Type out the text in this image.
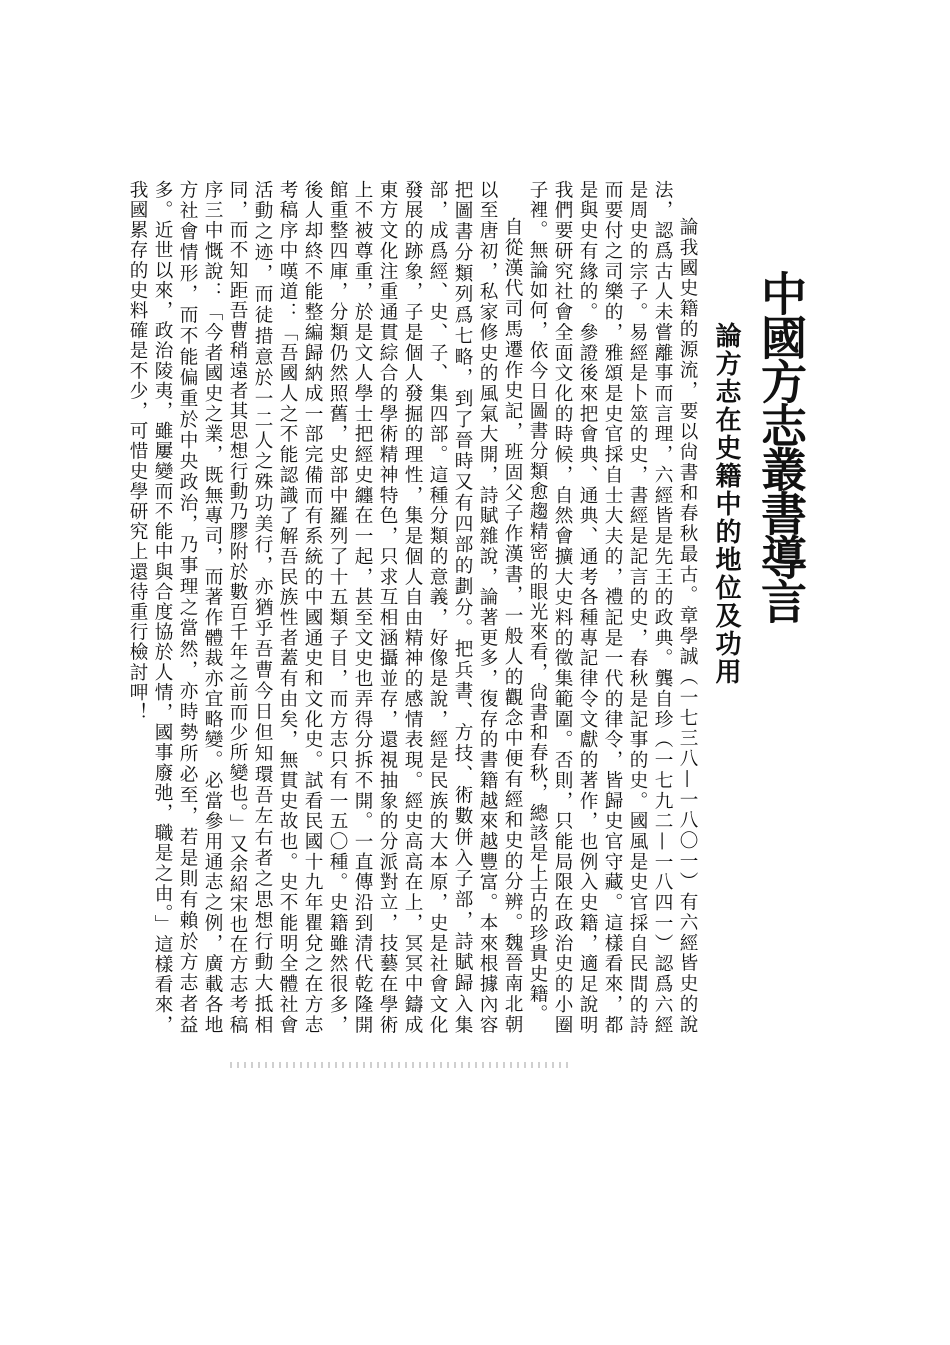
中國方志叢書導言
論方志在史籍中的地位及功用

論我國史籍的源流，要以尙書和春秋最古。章學誠（一七三八—一八〇一）有六經皆史的說法，認爲古人未嘗離事而言理，六經皆是先王的政典。龔自珍（一七九二—一八四一）認爲六經是周史的宗子。易經是卜筮的史，書經是記言的史，春秋是記事的史。國風是史官採自民間的詩而要付之司樂的，雅頌是史官採自士大夫的，禮記是一代的律令，皆歸史官守藏。這樣看來，都是與史有緣的。參證後來把會典、通典、通考各種專記律令文獻的著作，也例入史籍，適足說明我們要研究社會全面文化的時候，自然會擴大史料的徵集範圍。否則，只能局限在政治史的小圈子裡。無論如何，依今日圖書分類愈趨精密的眼光來看，尙書和春秋，總該是上古的珍貴史籍。

自從漢代司馬遷作史記，班固父子作漢書，一般人的觀念中便有經和史的分辨。魏晉南北朝以至唐初，私家修史的風氣大開，詩賦雜說，論著更多，復存的書籍越來越豐富。本來根據內容把圖書分類列爲七略，到了晉時又有四部的劃分。把兵書、方技、術數併入子部，詩賦歸入集部，成爲經、史、子、集四部。這種分類的意義，好像是說，經是民族的大本原，史是社會文化發展的跡象，子是個人發掘的理性，集是個人自由精神的感情表現。經史高高在上，冥冥中鑄成東方文化注重通貫綜合的學術精神特色，只求互相涵攝並存，還視抽象的分派對立，技藝在學術上不被尊重，於是文人學士把經史纏在一起，甚至文史也弄得分拆不開。一直傳沿到清代乾隆開館重整四庫，分類仍然照舊，史部中羅列了十五類子目，而方志只有一五〇種。史籍雖然很多，後人却終不能整編歸納成一部完備而有系統的中國通史和文化史。試看民國十九年瞿兌之在方志考稿序中嘆道：「吾國人之不能認識了解吾民族性者蓋有由矣，無貫史故也。史不能明全體社會活動之迹，而徒措意於一二人之殊功美行，亦猶乎吾曹今日但知環吾左右者之思想行動大抵相同，而不知距吾曹稍遠者其思想行動乃膠附於數百千年之前而少所變也。」又余紹宋也在方志考稿序三中慨說：「今者國史之業，既無專司，而著作體裁亦宜略變。必當參用通志之例，廣載各地方社會情形，而不能偏重於中央政治，乃事理之當然，亦時勢所必至，若是則有賴於方志者益多。近世以來，政治陵夷，雖屢變而不能中與合度協於人情，國事廢弛，職是之由。」這樣看來，我國累存的史料確是不少，可惜史學研究上還待重行檢討呷！
